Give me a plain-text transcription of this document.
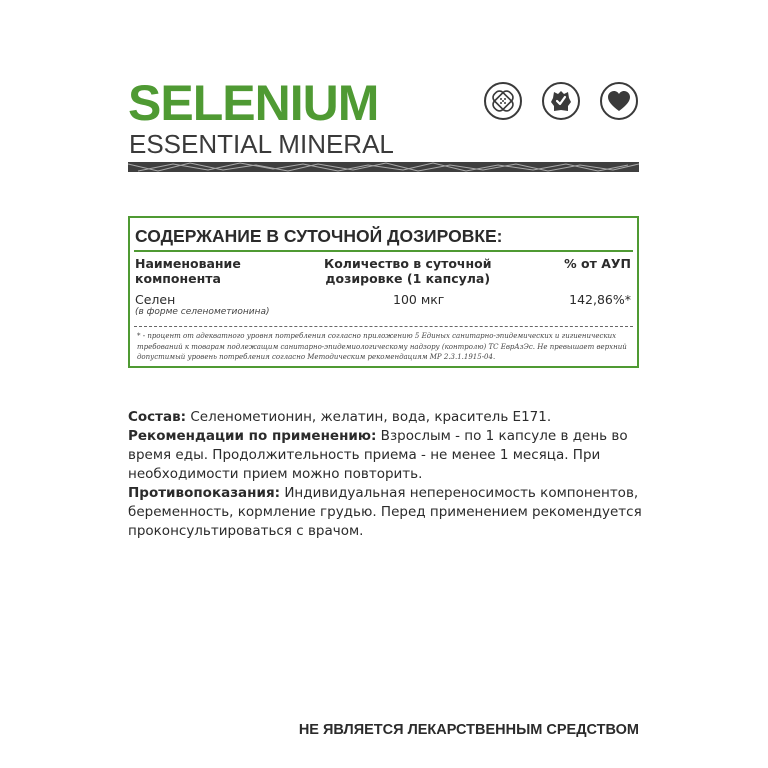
SELENIUM
ESSENTIAL MINERAL
СОДЕРЖАНИЕ В СУТОЧНОЙ ДОЗИРОВКЕ:
Наименование
компонента
Количество в суточной
дозировке (1 капсула)
% от АУП
Селен
(в форме селенометионина)
100 мкг	142,86%*

* - процент от адекватного уровня потребления согласно приложению 5 Единых санитарно-эпидемических и гигиенических требований к товарам подлежащим санитарно-эпидемиологическому надзору (контролю) ТС ЕврАзЭс. Не превышает верхний допустимый уровень потребления согласно Методическим рекомендациям МР 2.3.1.1915-04.

Состав: Селенометионин, желатин, вода, краситель Е171.

Рекомендации по применению: Взрослым - по 1 капсуле в день во время еды. Продолжительность приема - не менее 1 месяца. При необходимости прием можно повторить.

Противопоказания: Индивидуальная непереносимость компонентов, беременность, кормление грудью. Перед применением рекомендуется проконсультироваться с врачом.

НЕ ЯВЛЯЕТСЯ ЛЕКАРСТВЕННЫМ СРЕДСТВОМ
